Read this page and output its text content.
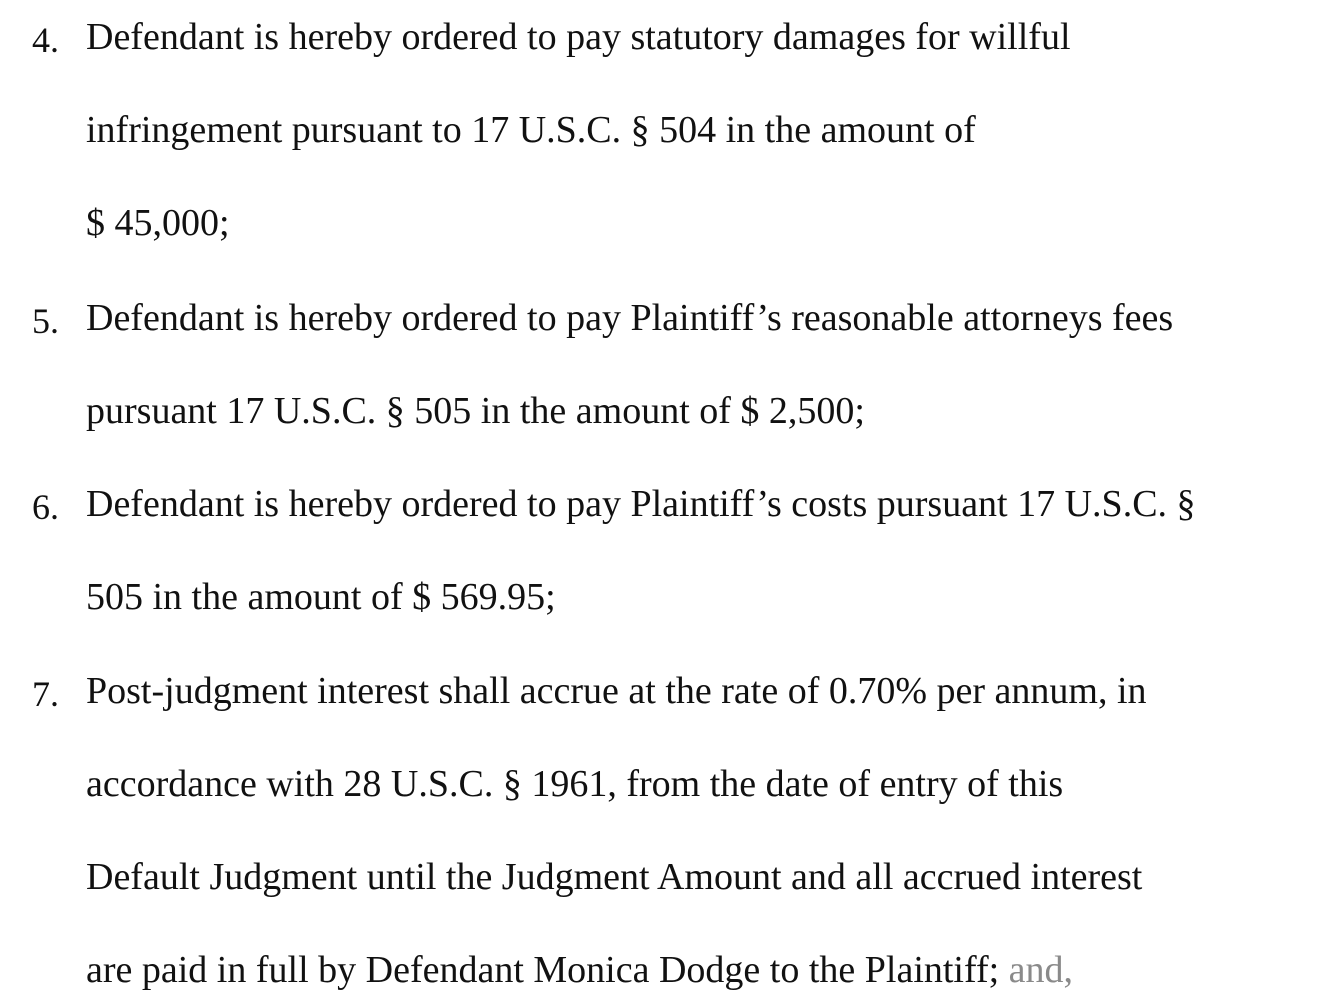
4. Defendant is hereby ordered to pay statutory damages for willful
infringement pursuant to 17 U.S.C. § 504 in the amount of
$ 45,000;
5. Defendant is hereby ordered to pay Plaintiff’s reasonable attorneys fees
pursuant 17 U.S.C. § 505 in the amount of $ 2,500;
6. Defendant is hereby ordered to pay Plaintiff’s costs pursuant 17 U.S.C. §
505 in the amount of $ 569.95;
7. Post-judgment interest shall accrue at the rate of 0.70% per annum, in
accordance with 28 U.S.C. § 1961, from the date of entry of this
Default Judgment until the Judgment Amount and all accrued interest
are paid in full by Defendant Monica Dodge to the Plaintiff; and,
